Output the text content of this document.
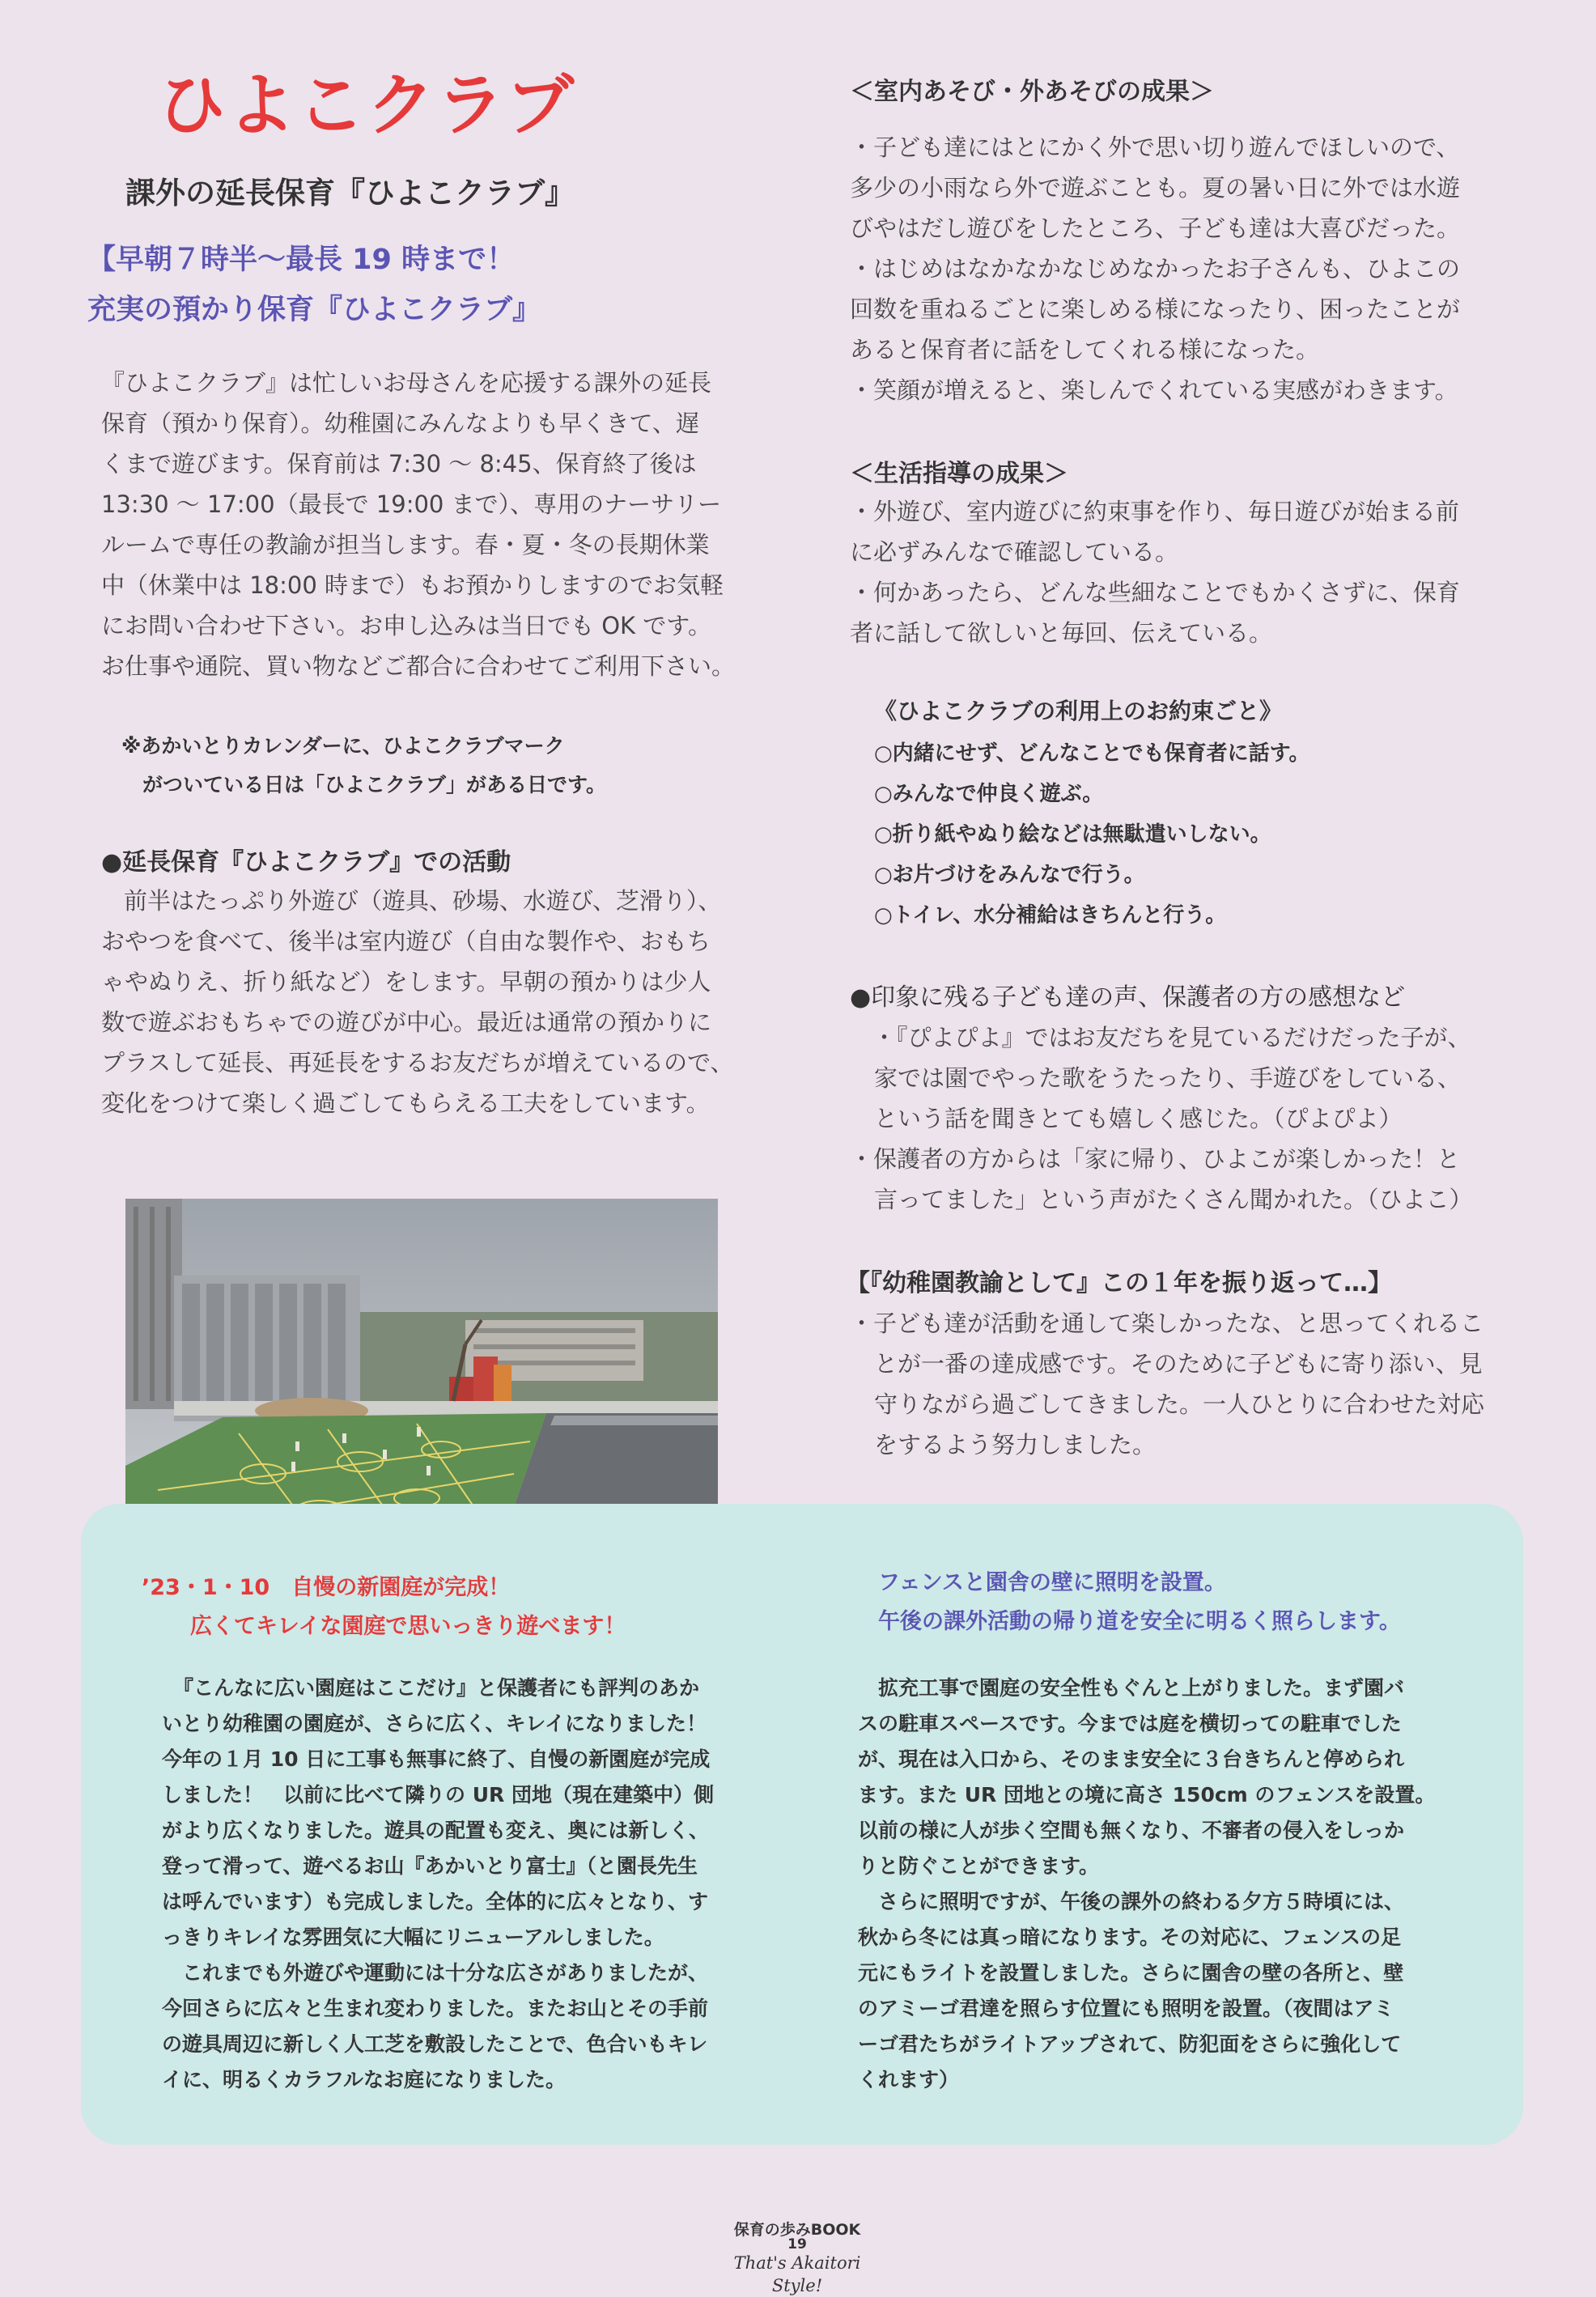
ひよこクラブ
課外の延長保育『ひよこクラブ』
【早朝７時半〜最長 19 時まで！
充実の預かり保育『ひよこクラブ』
『ひよこクラブ』は忙しいお母さんを応援する課外の延長
保育（預かり保育）。幼稚園にみんなよりも早くきて、遅
くまで遊びます。保育前は 7:30 〜 8:45、保育終了後は
13:30 〜 17:00（最長で 19:00 まで）、専用のナーサリー
ルームで専任の教諭が担当します。春・夏・冬の長期休業
中（休業中は 18:00 時まで）もお預かりしますのでお気軽
にお問い合わせ下さい。お申し込みは当日でも OK です。
お仕事や通院、買い物などご都合に合わせてご利用下さい。
※あかいとりカレンダーに、ひよこクラブマーク
がついている日は「ひよこクラブ」がある日です。
●延長保育『ひよこクラブ』での活動
前半はたっぷり外遊び（遊具、砂場、水遊び、芝滑り）、
おやつを食べて、後半は室内遊び（自由な製作や、おもち
ゃやぬりえ、折り紙など）をします。早朝の預かりは少人
数で遊ぶおもちゃでの遊びが中心。最近は通常の預かりに
プラスして延長、再延長をするお友だちが増えているので、
変化をつけて楽しく過ごしてもらえる工夫をしています。
＜室内あそび・外あそびの成果＞
・子ども達にはとにかく外で思い切り遊んでほしいので、
多少の小雨なら外で遊ぶことも。夏の暑い日に外では水遊
びやはだし遊びをしたところ、子ども達は大喜びだった。
・はじめはなかなかなじめなかったお子さんも、ひよこの
回数を重ねるごとに楽しめる様になったり、困ったことが
あると保育者に話をしてくれる様になった。
・笑顔が増えると、楽しんでくれている実感がわきます。
＜生活指導の成果＞
・外遊び、室内遊びに約束事を作り、毎日遊びが始まる前
に必ずみんなで確認している。
・何かあったら、どんな些細なことでもかくさずに、保育
者に話して欲しいと毎回、伝えている。
《ひよこクラブの利用上のお約束ごと》
○内緒にせず、どんなことでも保育者に話す。
○みんなで仲良く遊ぶ。
○折り紙やぬり絵などは無駄遣いしない。
○お片づけをみんなで行う。
○トイレ、水分補給はきちんと行う。
●印象に残る子ども達の声、保護者の方の感想など
・『ぴよぴよ』ではお友だちを見ているだけだった子が、
家では園でやった歌をうたったり、手遊びをしている、
という話を聞きとても嬉しく感じた。（ぴよぴよ）
・保護者の方からは「家に帰り、ひよこが楽しかった！と
言ってました」という声がたくさん聞かれた。（ひよこ）
【『幼稚園教諭として』この１年を振り返って…】
・子ども達が活動を通して楽しかったな、と思ってくれるこ
とが一番の達成感です。そのために子どもに寄り添い、見
守りながら過ごしてきました。一人ひとりに合わせた対応
をするよう努力しました。
’23・1・10　自慢の新園庭が完成！
広くてキレイな園庭で思いっきり遊べます！
『こんなに広い園庭はここだけ』と保護者にも評判のあか
いとり幼稚園の園庭が、さらに広く、キレイになりました！
今年の１月 10 日に工事も無事に終了、自慢の新園庭が完成
しました！　以前に比べて隣りの UR 団地（現在建築中）側
がより広くなりました。遊具の配置も変え、奥には新しく、
登って滑って、遊べるお山『あかいとり富士』（と園長先生
は呼んでいます）も完成しました。全体的に広々となり、す
っきりキレイな雰囲気に大幅にリニューアルしました。
　これまでも外遊びや運動には十分な広さがありましたが、
今回さらに広々と生まれ変わりました。またお山とその手前
の遊具周辺に新しく人工芝を敷設したことで、色合いもキレ
イに、明るくカラフルなお庭になりました。
フェンスと園舎の壁に照明を設置。
午後の課外活動の帰り道を安全に明るく照らします。
　拡充工事で園庭の安全性もぐんと上がりました。まず園バ
スの駐車スペースです。今までは庭を横切っての駐車でした
が、現在は入口から、そのまま安全に３台きちんと停められ
ます。また UR 団地との境に高さ 150cm のフェンスを設置。
以前の様に人が歩く空間も無くなり、不審者の侵入をしっか
りと防ぐことができます。
　さらに照明ですが、午後の課外の終わる夕方５時頃には、
秋から冬には真っ暗になります。その対応に、フェンスの足
元にもライトを設置しました。さらに園舎の壁の各所と、壁
のアミーゴ君達を照らす位置にも照明を設置。（夜間はアミ
ーゴ君たちがライトアップされて、防犯面をさらに強化して
くれます）
保育の歩みBOOK
19
That's Akaitori Style!
